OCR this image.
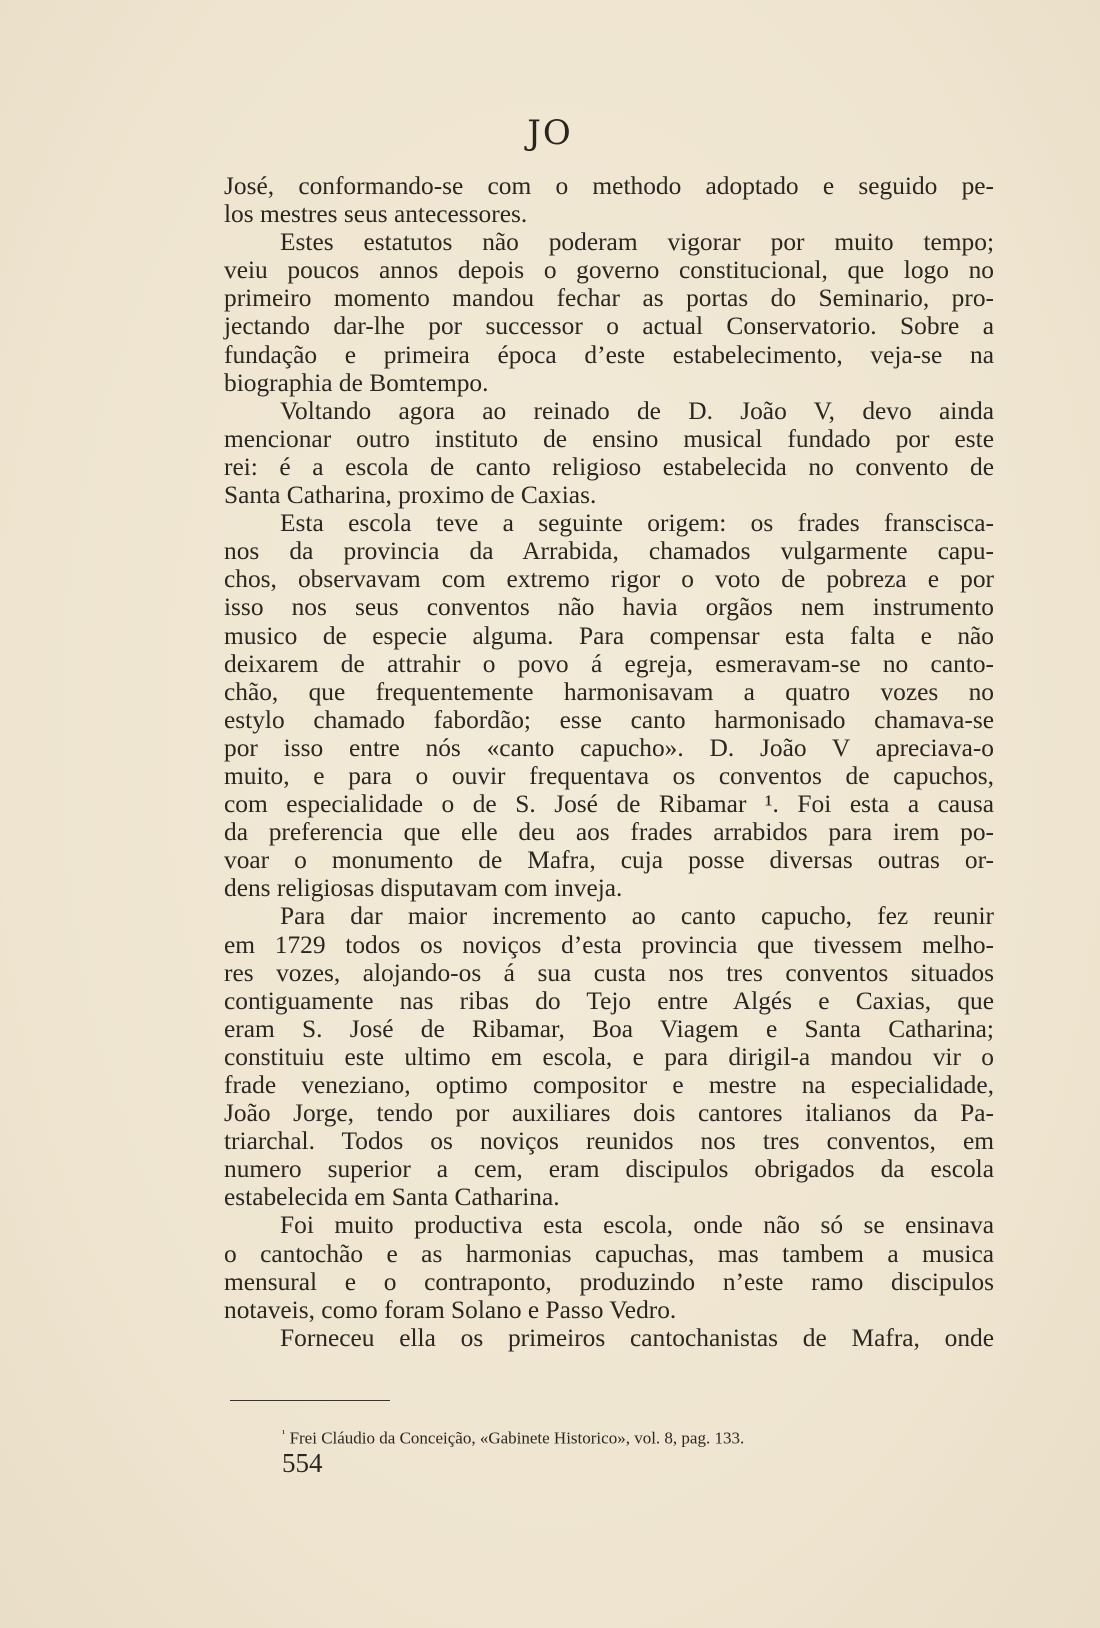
JO
José, conformando-se com o methodo adoptado e seguido pe-
los mestres seus antecessores.
Estes estatutos não poderam vigorar por muito tempo;
veiu poucos annos depois o governo constitucional, que logo no
primeiro momento mandou fechar as portas do Seminario, pro-
jectando dar-lhe por successor o actual Conservatorio. Sobre a
fundação e primeira época d’este estabelecimento, veja-se na
biographia de Bomtempo.
Voltando agora ao reinado de D. João V, devo ainda
mencionar outro instituto de ensino musical fundado por este
rei: é a escola de canto religioso estabelecida no convento de
Santa Catharina, proximo de Caxias.
Esta escola teve a seguinte origem: os frades franscisca-
nos da provincia da Arrabida, chamados vulgarmente capu-
chos, observavam com extremo rigor o voto de pobreza e por
isso nos seus conventos não havia orgãos nem instrumento
musico de especie alguma. Para compensar esta falta e não
deixarem de attrahir o povo á egreja, esmeravam-se no canto-
chão, que frequentemente harmonisavam a quatro vozes no
estylo chamado fabordão; esse canto harmonisado chamava-se
por isso entre nós «canto capucho». D. João V apreciava-o
muito, e para o ouvir frequentava os conventos de capuchos,
com especialidade o de S. José de Ribamar ¹. Foi esta a causa
da preferencia que elle deu aos frades arrabidos para irem po-
voar o monumento de Mafra, cuja posse diversas outras or-
dens religiosas disputavam com inveja.
Para dar maior incremento ao canto capucho, fez reunir
em 1729 todos os noviços d’esta provincia que tivessem melho-
res vozes, alojando-os á sua custa nos tres conventos situados
contiguamente nas ribas do Tejo entre Algés e Caxias, que
eram S. José de Ribamar, Boa Viagem e Santa Catharina;
constituiu este ultimo em escola, e para dirigil-a mandou vir o
frade veneziano, optimo compositor e mestre na especialidade,
João Jorge, tendo por auxiliares dois cantores italianos da Pa-
triarchal. Todos os noviços reunidos nos tres conventos, em
numero superior a cem, eram discipulos obrigados da escola
estabelecida em Santa Catharina.
Foi muito productiva esta escola, onde não só se ensinava
o cantochão e as harmonias capuchas, mas tambem a musica
mensural e o contraponto, produzindo n’este ramo discipulos
notaveis, como foram Solano e Passo Vedro.
Forneceu ella os primeiros cantochanistas de Mafra, onde
$^{^1}$ Frei Cláudio da Conceição, «Gabinete Historico», vol. 8, pag. 133.
554
